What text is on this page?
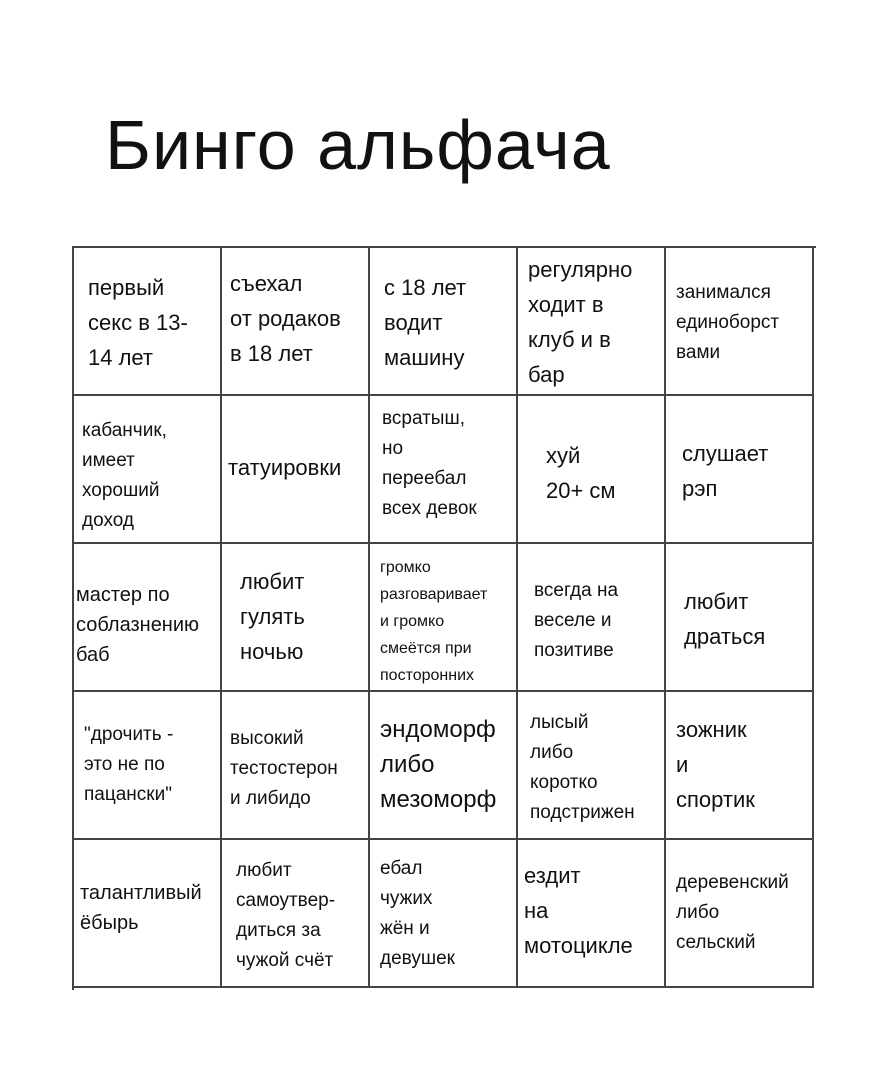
Бинго альфача
первый
секс в 13-
14 лет
съехал
от родаков
в 18 лет
с 18 лет
водит
машину
регулярно
ходит в
клуб и в
бар
занимался
единоборст
вами
кабанчик,
имеет
хороший
доход
татуировки
всратыш,
но
переебал
всех девок
хуй
20+ см
слушает
рэп
мастер по
соблазнению
баб
любит
гулять
ночью
громко
разговаривает
и громко
смеётся при
посторонних
всегда на
веселе и
позитиве
любит
драться
"дрочить -
это не по
пацански"
высокий
тестостерон
и либидо
эндоморф
либо
мезоморф
лысый
либо
коротко
подстрижен
зожник
и
спортик
талантливый
ёбырь
любит
самоутвер-
диться за
чужой счёт
ебал
чужих
жён и
девушек
ездит
на
мотоцикле
деревенский
либо
сельский
